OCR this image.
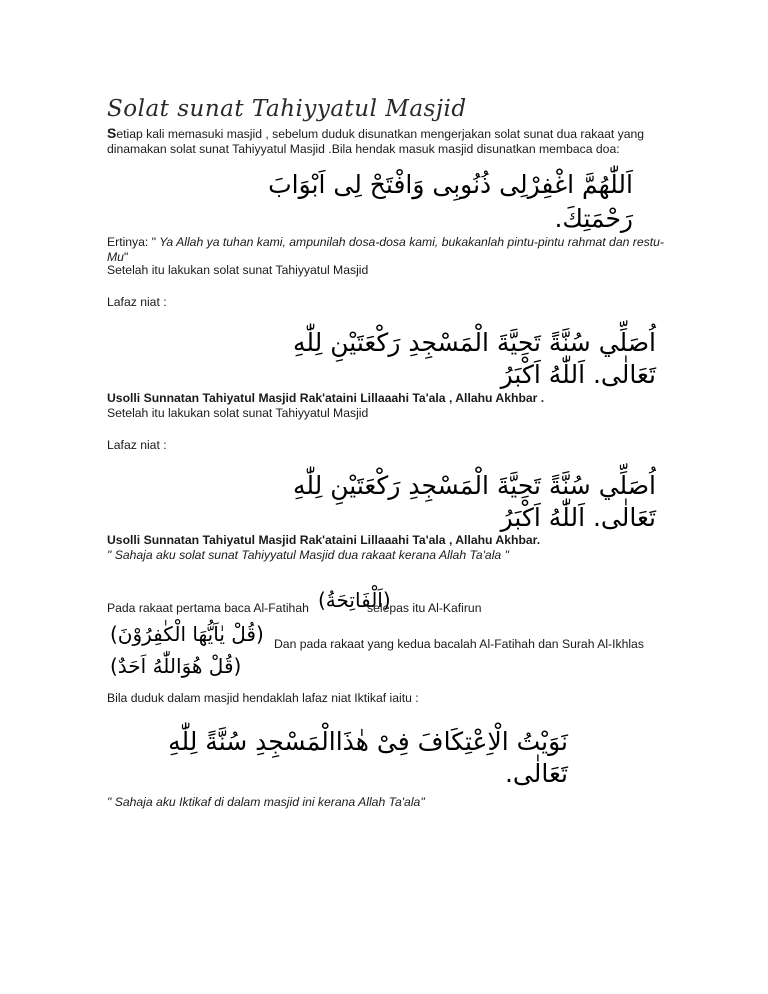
Solat sunat Tahiyyatul Masjid
Setiap kali memasuki masjid , sebelum duduk disunatkan mengerjakan solat sunat dua rakaat yang
dinamakan solat sunat Tahiyyatul Masjid .Bila hendak masuk masjid disunatkan membaca doa:
اَللّٰهُمَّ اغْفِرْلِى ذُنُوبِى وَافْتَحْ لِى اَبْوَابَ
رَحْمَتِكَ.
Ertinya: " Ya Allah ya tuhan kami, ampunilah dosa-dosa kami, bukakanlah pintu-pintu rahmat dan restu-Mu"
Setelah itu lakukan solat sunat Tahiyyatul Masjid
Lafaz niat :
اُصَلِّي سُنَّةً تَحِيَّةَ الْمَسْجِدِ رَكْعَتَيْنِ لِلّٰهِ
تَعَالٰى. اَللّٰهُ اَكْبَرُ
Usolli Sunnatan Tahiyatul Masjid Rak'ataini Lillaaahi Ta'ala , Allahu Akhbar .
Setelah itu lakukan solat sunat Tahiyyatul Masjid
Lafaz niat :
اُصَلِّي سُنَّةً تَحِيَّةَ الْمَسْجِدِ رَكْعَتَيْنِ لِلّٰهِ
تَعَالٰى. اَللّٰهُ اَكْبَرُ
Usolli Sunnatan Tahiyatul Masjid Rak'ataini Lillaaahi Ta'ala , Allahu Akhbar.
" Sahaja aku solat sunat Tahiyyatul Masjid dua rakaat kerana Allah Ta'ala "
Pada rakaat pertama baca Al-Fatihah (اَلْفَاتِحَةُ)
selepas itu Al-Kafirun
(قُلْ يٰاَيُّهَا الْكٰفِرُوْنَ) Dan pada rakaat yang kedua bacalah Al-Fatihah dan Surah Al-Ikhlas
(قُلْ هُوَاللّٰهُ اَحَدٌ)
Bila duduk dalam masjid hendaklah lafaz niat Iktikaf iaitu :
نَوَيْتُ الْاِعْتِكَافَ فِىْ هٰذَاالْمَسْجِدِ سُنَّةً لِلّٰهِ
تَعَالٰى.
" Sahaja aku Iktikaf di dalam masjid ini kerana Allah Ta'ala"
